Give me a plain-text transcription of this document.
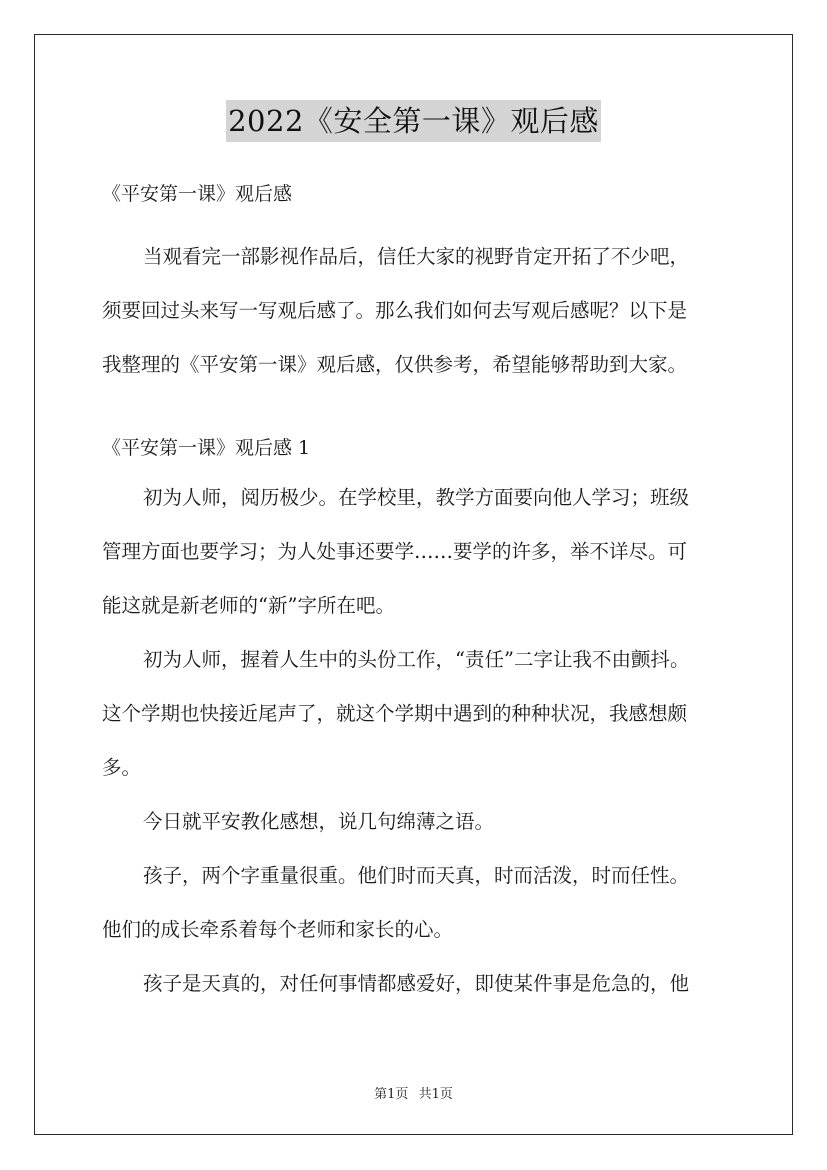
2022《安全第一课》观后感
《平安第一课》观后感
当观看完一部影视作品后，信任大家的视野肯定开拓了不少吧，
须要回过头来写一写观后感了。那么我们如何去写观后感呢？以下是
我整理的《平安第一课》观后感，仅供参考，希望能够帮助到大家。
《平安第一课》观后感 1
初为人师，阅历极少。在学校里，教学方面要向他人学习；班级
管理方面也要学习；为人处事还要学……要学的许多，举不详尽。可
能这就是新老师的“新”字所在吧。
初为人师，握着人生中的头份工作，“责任”二字让我不由颤抖。
这个学期也快接近尾声了，就这个学期中遇到的种种状况，我感想颇
多。
今日就平安教化感想，说几句绵薄之语。
孩子，两个字重量很重。他们时而天真，时而活泼，时而任性。
他们的成长牵系着每个老师和家长的心。
孩子是天真的，对任何事情都感爱好，即使某件事是危急的，他
第1页 共1页
